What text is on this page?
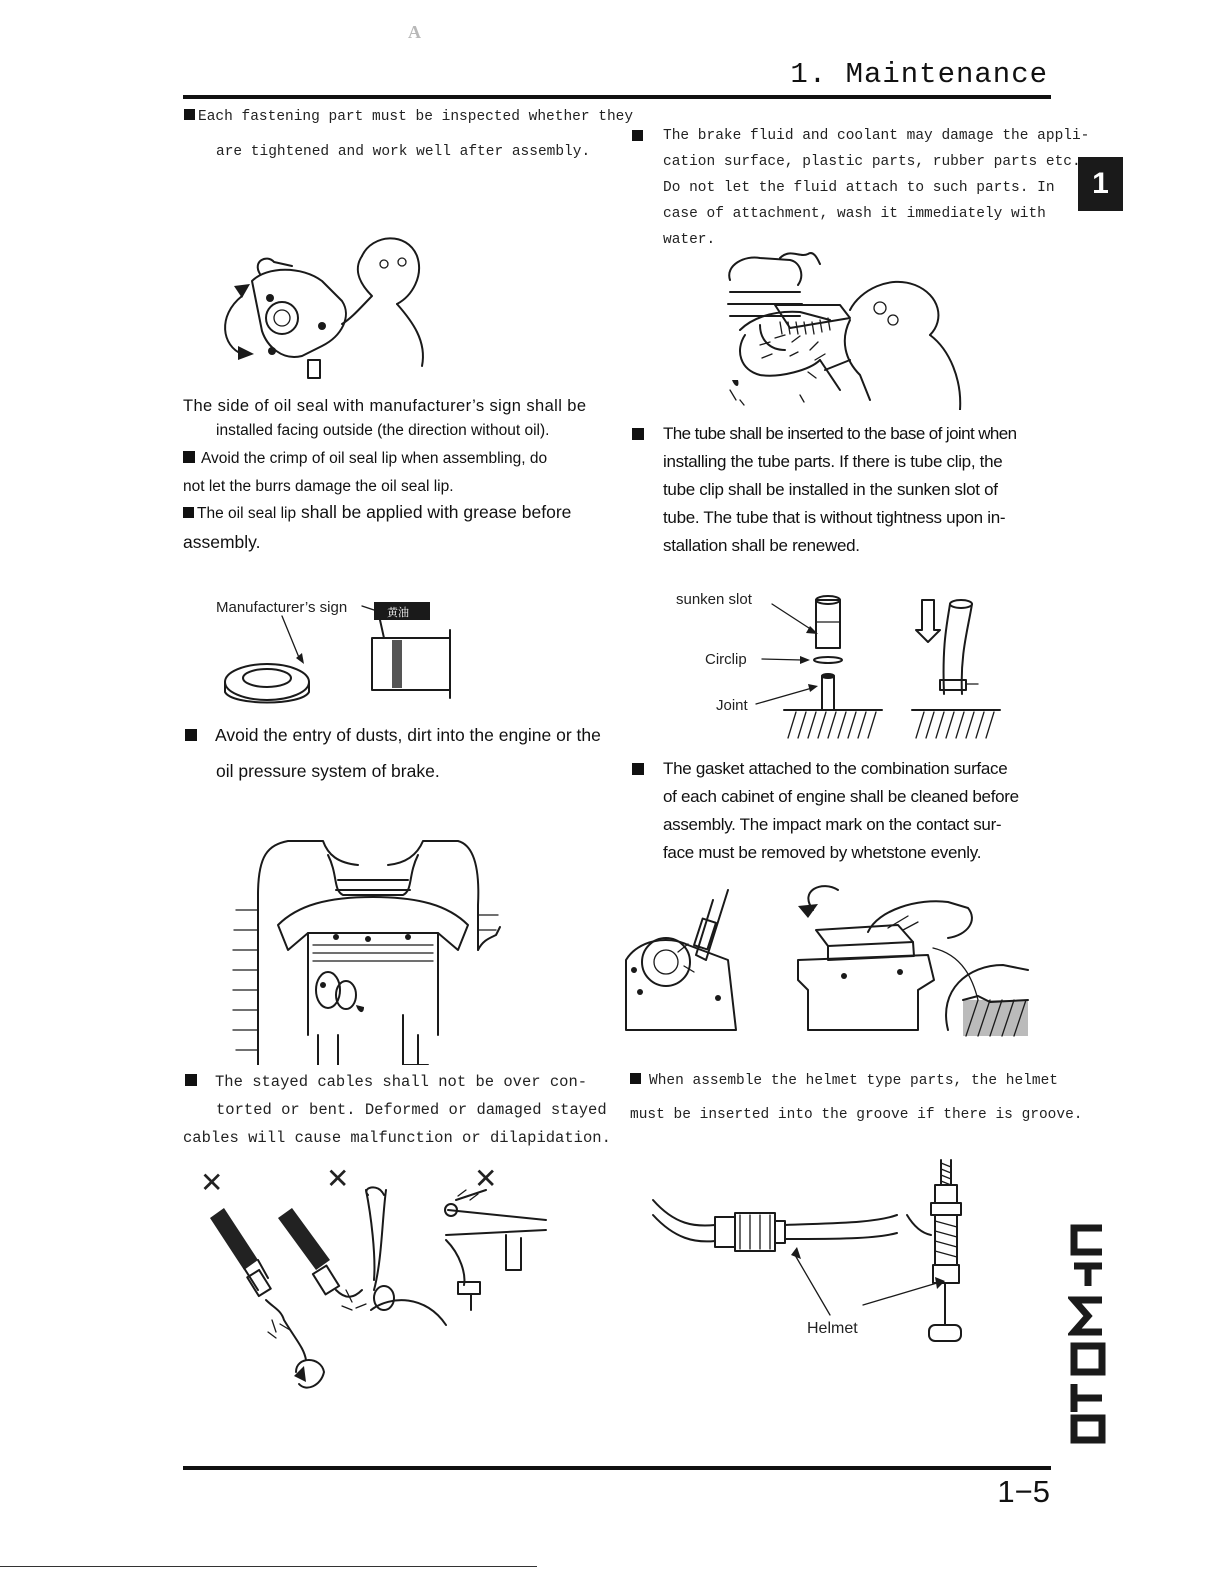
A
1. Maintenance
1
Each fastening part must be inspected whether they
are tightened and work well after assembly.
The side of oil seal with manufacturer’s sign shall be
installed facing outside (the direction without oil).
Avoid the crimp of oil seal lip when assembling, do
not let the burrs damage the oil seal lip.
The oil seal lip shall be applied with grease before
assembly.
Manufacturer’s sign	黄油
Avoid the entry of dusts, dirt into the engine or the
oil pressure system of brake.
The stayed cables shall not be over con-
torted or bent. Deformed or damaged stayed
cables will cause malfunction or dilapidation.
✕	✕	✕
The brake fluid and coolant may damage the appli-
cation surface, plastic parts, rubber parts etc.
Do not let the fluid attach to such parts. In
case of attachment, wash it immediately with
water.
The tube shall be inserted to the base of joint when
installing the tube parts. If there is tube clip, the
tube clip shall be installed in the sunken slot of
tube. The tube that is without tightness upon in-
stallation shall be renewed.
sunken slot
Circlip
Joint
The gasket attached to the combination surface
of each cabinet of engine shall be cleaned before
assembly. The impact mark on the contact sur-
face must be removed by whetstone evenly.
When assemble the helmet type parts, the helmet
must be inserted into the groove if there is groove.
Helmet
1−5
